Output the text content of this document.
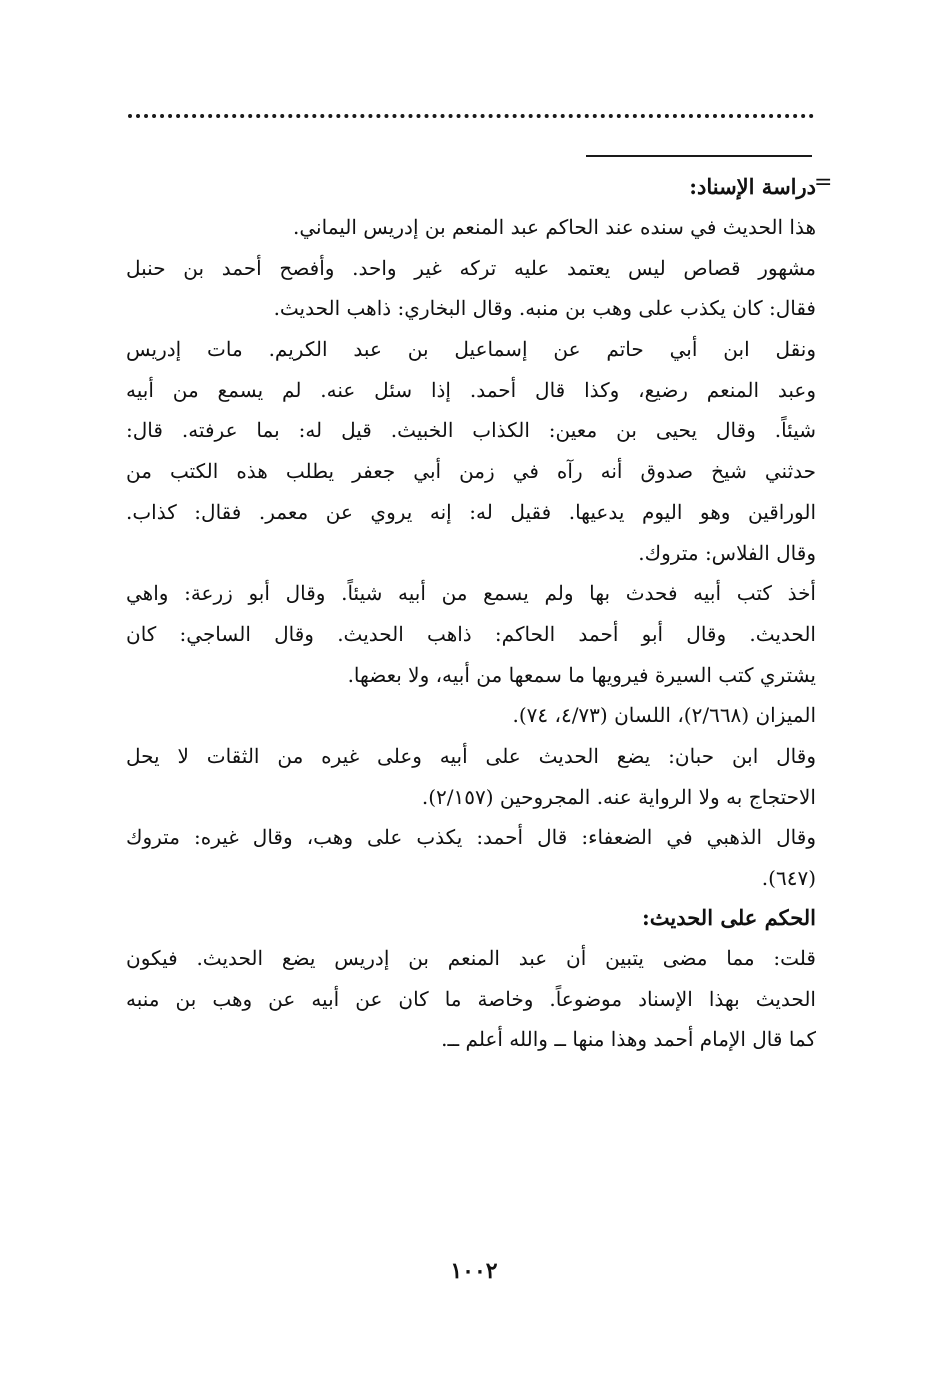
=
دراسة الإسناد:
هذا الحديث في سنده عند الحاكم عبد المنعم بن إدريس اليماني.
مشهور قصاص ليس يعتمد عليه تركه غير واحد. وأفصح أحمد بن حنبل
فقال: كان يكذب على وهب بن منبه. وقال البخاري: ذاهب الحديث.
ونقل ابن أبي حاتم عن إسماعيل بن عبد الكريم. مات إدريس
وعبد المنعم رضيع، وكذا قال أحمد. إذا سئل عنه. لم يسمع من أبيه
شيئاً. وقال يحيى بن معين: الكذاب الخبيث. قيل له: بما عرفته. قال:
حدثني شيخ صدوق أنه رآه في زمن أبي جعفر يطلب هذه الكتب من
الوراقين وهو اليوم يدعيها. فقيل له: إنه يروي عن معمر. فقال: كذاب.
وقال الفلاس: متروك.
أخذ كتب أبيه فحدث بها ولم يسمع من أبيه شيئاً. وقال أبو زرعة: واهي
الحديث. وقال أبو أحمد الحاكم: ذاهب الحديث. وقال الساجي: كان
يشتري كتب السيرة فيرويها ما سمعها من أبيه، ولا بعضها.
الميزان (٢/٦٦٨)، اللسان (٤/٧٣، ٧٤).
وقال ابن حبان: يضع الحديث على أبيه وعلى غيره من الثقات لا يحل
الاحتجاج به ولا الرواية عنه. المجروحين (٢/١٥٧).
وقال الذهبي في الضعفاء: قال أحمد: يكذب على وهب، وقال غيره: متروك
(٦٤٧).
الحكم على الحديث:
قلت: مما مضى يتبين أن عبد المنعم بن إدريس يضع الحديث. فيكون
الحديث بهذا الإسناد موضوعاً. وخاصة ما كان عن أبيه عن وهب بن منبه
كما قال الإمام أحمد وهذا منها ــ والله أعلم ــ.
١٠٠٢
